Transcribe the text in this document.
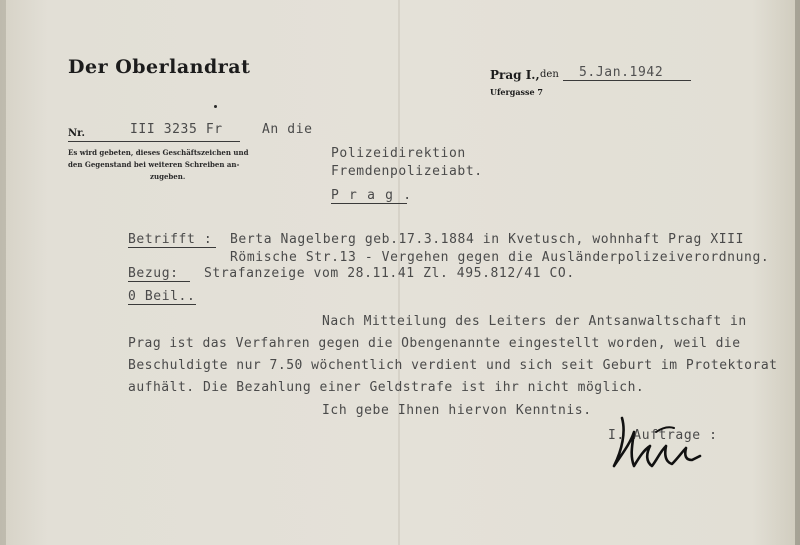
Der Oberlandrat	Prag I., den	5.Jan.1942
Ufergasse 7
Nr.	III 3235 Fr	An die
Es wird gebeten, dieses Geschäftszeichen und
den Gegenstand bei weiteren Schreiben an-
zugeben.
Polizeidirektion
Fremdenpolizeiabt.
P r a g .
Betrifft : Berta Nagelberg geb.17.3.1884 in Kvetusch, wohnhaft Prag XIII
Römische Str.13 - Vergehen gegen die Ausländerpolizeiverordnung.
Bezug:	Strafanzeige vom 28.11.41 Zl. 495.812/41 CO.
0 Beil..
Nach Mitteilung des Leiters der Antsanwaltschaft in
Prag ist das Verfahren gegen die Obengenannte eingestellt worden, weil die
Beschuldigte nur 7.50 wöchentlich verdient und sich seit Geburt im Protektorat
aufhält. Die Bezahlung einer Geldstrafe ist ihr nicht möglich.
Ich gebe Ihnen hiervon Kenntnis.
I. Auftrage :
